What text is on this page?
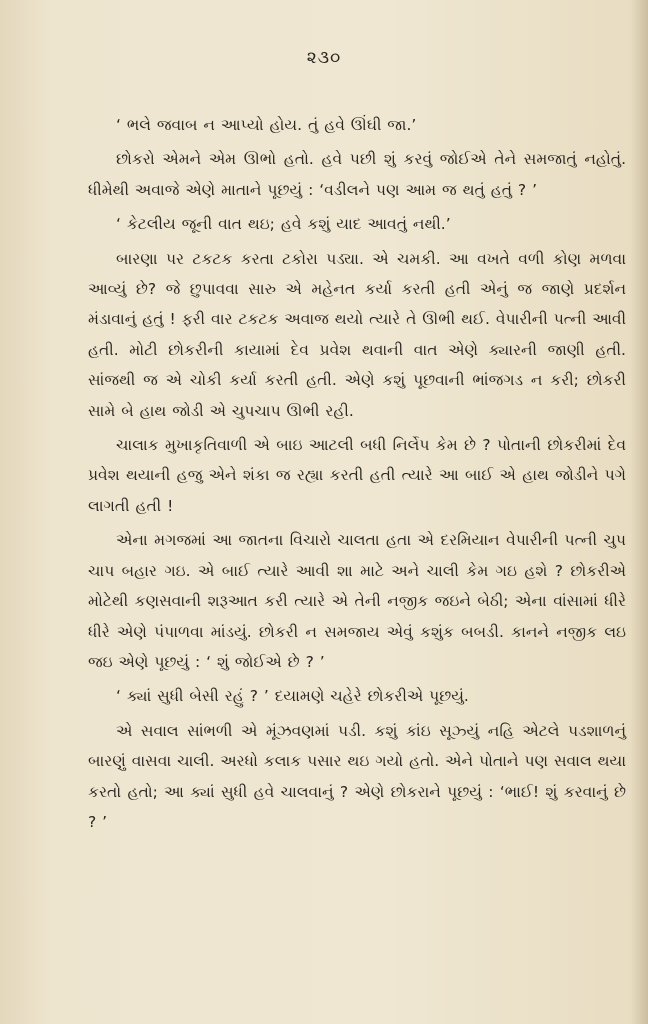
૨૩૦

‘ ભલે જવાબ ન આપ્યો હોય. તું હવે ઊંઘી જા.’

છોકરો એમને એમ ઊભો હતો. હવે પછી શું કરવું જોઈએ તેને સમજાતું નહોતું. ધીમેથી અવાજે એણે માતાને પૂછયું : ‘વડીલને પણ આમ જ થતું હતું ? ’

‘ કેટલીય જૂની વાત થઇ; હવે કશું યાદ આવતું નથી.’

બારણા પર ટકટક કરતા ટકોરા પડ્યા. એ ચમકી. આ વખતે વળી કોણ મળવા આવ્યું છે? જે છુપાવવા સારુ એ મહેનત કર્યા કરતી હતી એનું જ જાણે પ્રદર્શન મંડાવાનું હતું ! ફરી વાર ટકટક અવાજ થયો ત્યારે તે ઊભી થઈ. વેપારીની પત્ની આવી હતી. મોટી છોકરીની કાયામાં દેવ પ્રવેશ થવાની વાત એણે ક્યારની જાણી હતી. સાંજથી જ એ ચોકી કર્યા કરતી હતી. એણે કશું પૂછવાની ભાંજગડ ન કરી; છોકરી સામે બે હાથ જોડી એ ચુપચાપ ઊભી રહી.

ચાલાક મુખાકૃતિવાળી એ બાઇ આટલી બધી નિર્લેપ કેમ છે ? પોતાની છોકરીમાં દેવ પ્રવેશ થયાની હજુ એને શંકા જ રહ્યા કરતી હતી ત્યારે આ બાઈ એ હાથ જોડીને પગે લાગતી હતી !

એના મગજમાં આ જાતના વિચારો ચાલતા હતા એ દરમિયાન વેપારીની પત્ની ચુપ ચાપ બહાર ગઇ. એ બાઈ ત્યારે આવી શા માટે અને ચાલી કેમ ગઇ હશે ? છોકરીએ મોટેથી કણસવાની શરૂઆત કરી ત્યારે એ તેની નજીક જઇને બેઠી; એના વાંસામાં ધીરે ધીરે એણે પંપાળવા માંડયું. છોકરી ન સમજાય એવું કશુંક બબડી. કાનને નજીક લઇ જઇ એણે પૂછયું : ‘ શું જોઈએ છે ? ’

‘ ક્યાં સુધી બેસી રહું ? ’ દયામણે ચહેરે છોકરીએ પૂછયું.

એ સવાલ સાંભળી એ મૂંઝવણમાં પડી. કશું કાંઇ સૂઝ્યું નહિ એટલે પડશાળનું બારણું વાસવા ચાલી. અરધો કલાક પસાર થઇ ગયો હતો. એને પોતાને પણ સવાલ થયા કરતો હતો; આ ક્યાં સુધી હવે ચાલવાનું ? એણે છોકરાને પૂછયું : ‘ભાઈ! શું કરવાનું છે ? ’
